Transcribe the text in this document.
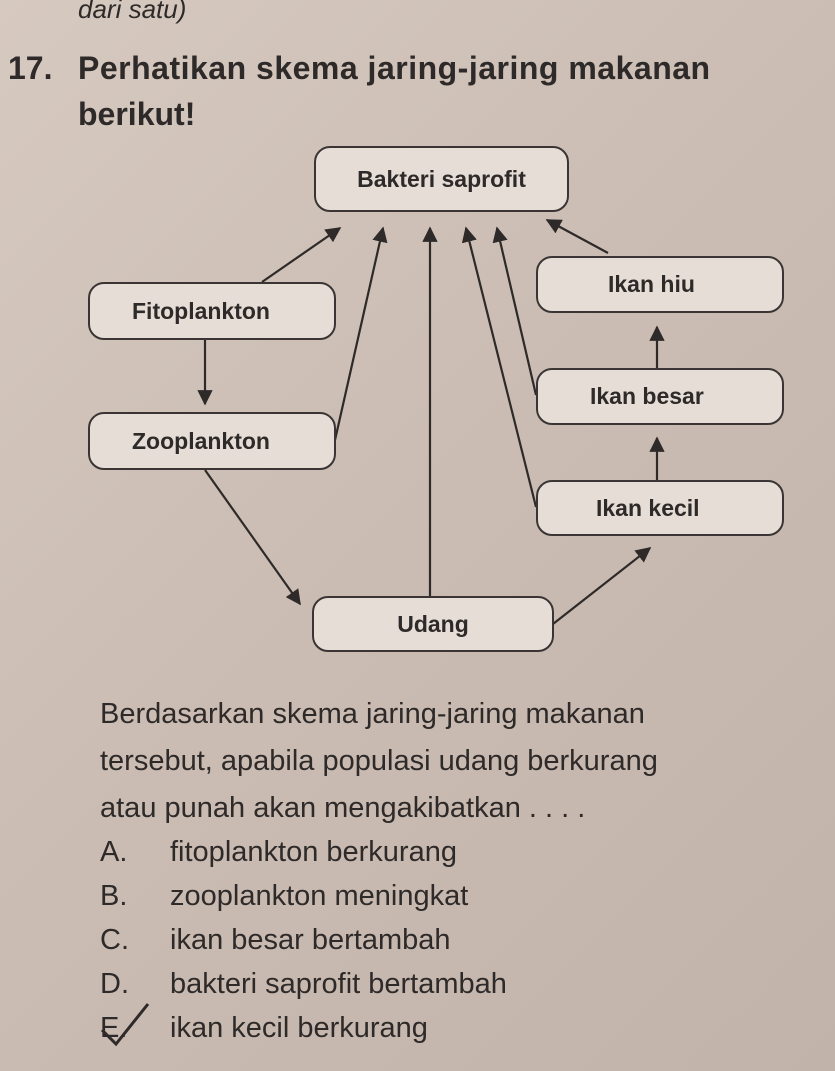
dari satu)
17. Perhatikan skema jaring-jaring makanan
berikut!
Bakteri saprofit
Ikan hiu
Fitoplankton
Ikan besar
Zooplankton
Ikan kecil
Udang
Berdasarkan skema jaring-jaring makanan
tersebut, apabila populasi udang berkurang
atau punah akan mengakibatkan . . . .
A. fitoplankton berkurang
B. zooplankton meningkat
C. ikan besar bertambah
D. bakteri saprofit bertambah
E. ikan kecil berkurang
